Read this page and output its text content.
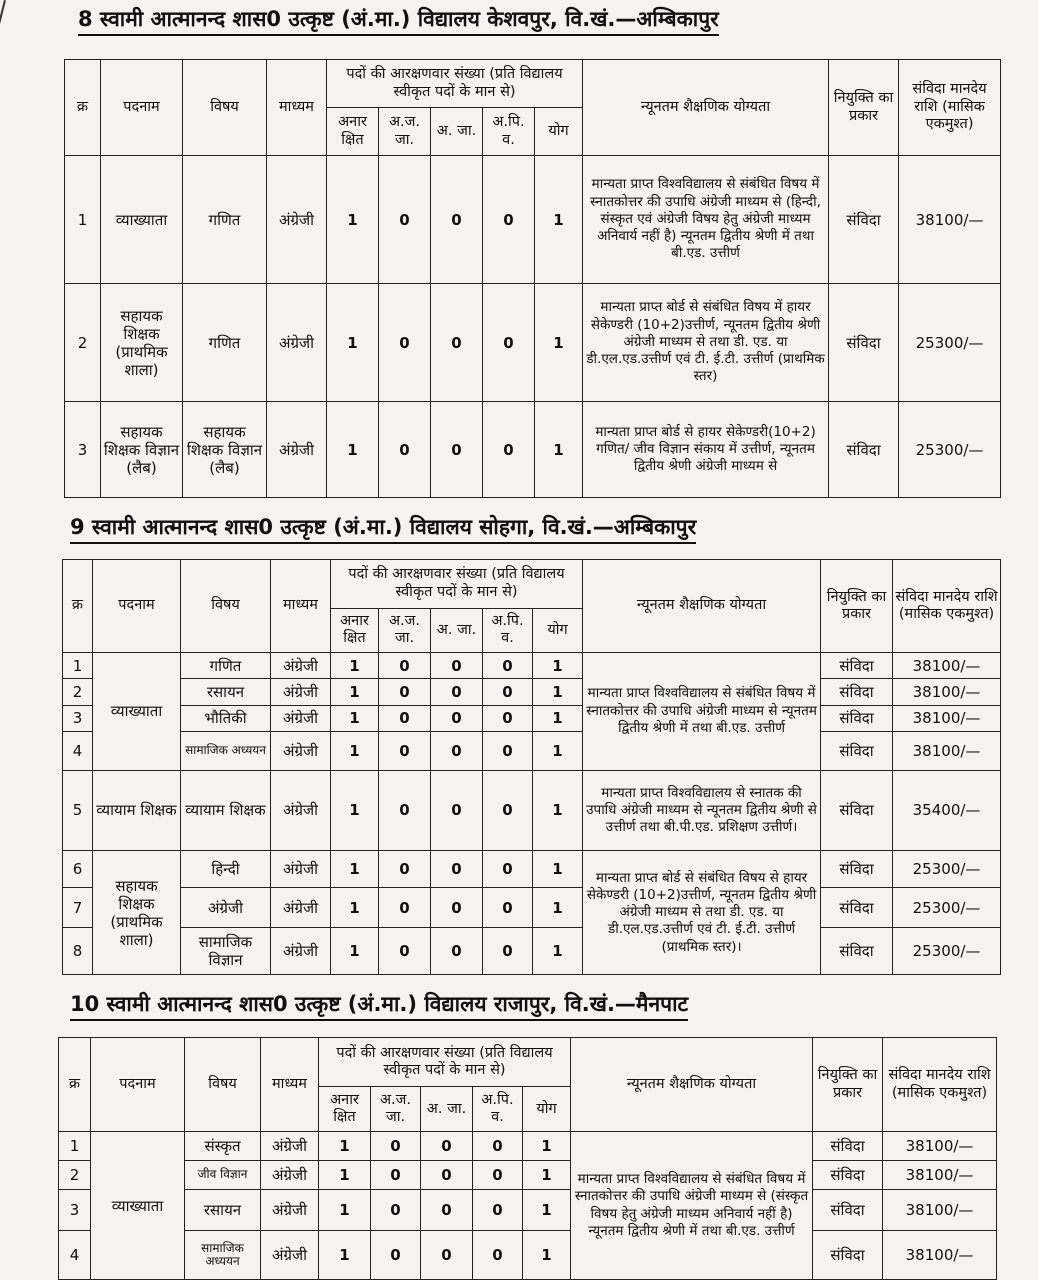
8 स्वामी आत्मानन्द शास0 उत्कृष्ट (अं.मा.) विद्यालय केशवपुर, वि.खं.—अम्बिकापुर
क्र	पदनाम	विषय	माध्यम	पदों की आरक्षणवार संख्या (प्रति विद्यालय स्वीकृत पदों के मान से)					न्यूनतम शैक्षणिक योग्यता	नियुक्ति का प्रकार	संविदा मानदेय राशि (मासिक एकमुश्त)
				अनार क्षित	अ.ज. जा.	अ. जा.	अ.पि. व.	योग			
1	व्याख्याता	गणित	अंग्रेजी	1	0	0	0	1	मान्यता प्राप्त विश्वविद्यालय से संबंधित विषय में स्नातकोत्तर की उपाधि अंग्रेजी माध्यम से (हिन्दी, संस्कृत एवं अंग्रेजी विषय हेतु अंग्रेजी माध्यम अनिवार्य नहीं है) न्यूनतम द्वितीय श्रेणी में तथा बी.एड. उत्तीर्ण	संविदा	38100/—
2	सहायक शिक्षक (प्राथमिक शाला)	गणित	अंग्रेजी	1	0	0	0	1	मान्यता प्राप्त बोर्ड से संबंधित विषय में हायर सेकेण्डरी (10+2)उत्तीर्ण, न्यूनतम द्वितीय श्रेणी अंग्रेजी माध्यम से तथा डी. एड. या डी.एल.एड.उत्तीर्ण एवं टी. ई.टी. उत्तीर्ण (प्राथमिक स्तर)	संविदा	25300/—
3	सहायक शिक्षक विज्ञान (लैब)	सहायक शिक्षक विज्ञान (लैब)	अंग्रेजी	1	0	0	0	1	मान्यता प्राप्त बोर्ड से हायर सेकेण्डरी(10+2) गणित/ जीव विज्ञान संकाय में उत्तीर्ण, न्यूनतम द्वितीय श्रेणी अंग्रेजी माध्यम से	संविदा	25300/—
9 स्वामी आत्मानन्द शास0 उत्कृष्ट (अं.मा.) विद्यालय सोहगा, वि.खं.—अम्बिकापुर
क्र	पदनाम	विषय	माध्यम	पदों की आरक्षणवार संख्या (प्रति विद्यालय स्वीकृत पदों के मान से)					न्यूनतम शैक्षणिक योग्यता	नियुक्ति का प्रकार	संविदा मानदेय राशि (मासिक एकमुश्त)
				अनार क्षित	अ.ज. जा.	अ. जा.	अ.पि. व.	योग			
1	व्याख्याता	गणित	अंग्रेजी	1	0	0	0	1	मान्यता प्राप्त विश्वविद्यालय से संबंधित विषय में स्नातकोत्तर की उपाधि अंग्रेजी माध्यम से न्यूनतम द्वितीय श्रेणी में तथा बी.एड. उत्तीर्ण	संविदा	38100/—
2		रसायन	अंग्रेजी	1	0	0	0	1		संविदा	38100/—
3		भौतिकी	अंग्रेजी	1	0	0	0	1		संविदा	38100/—
4		सामाजिक अध्ययन	अंग्रेजी	1	0	0	0	1		संविदा	38100/—
5	व्यायाम शिक्षक	व्यायाम शिक्षक	अंग्रेजी	1	0	0	0	1	मान्यता प्राप्त विश्वविद्यालय से स्नातक की उपाधि अंग्रेजी माध्यम से न्यूनतम द्वितीय श्रेणी से उत्तीर्ण तथा बी.पी.एड. प्रशिक्षण उत्तीर्ण।	संविदा	35400/—
6	सहायक शिक्षक (प्राथमिक शाला)	हिन्दी	अंग्रेजी	1	0	0	0	1	मान्यता प्राप्त बोर्ड से संबंधित विषय से हायर सेकेण्डरी (10+2)उत्तीर्ण, न्यूनतम द्वितीय श्रेणी अंग्रेजी माध्यम से तथा डी. एड. या डी.एल.एड.उत्तीर्ण एवं टी. ई.टी. उत्तीर्ण (प्राथमिक स्तर)।	संविदा	25300/—
7		अंग्रेजी	अंग्रेजी	1	0	0	0	1		संविदा	25300/—
8		सामाजिक विज्ञान	अंग्रेजी	1	0	0	0	1		संविदा	25300/—
10 स्वामी आत्मानन्द शास0 उत्कृष्ट (अं.मा.) विद्यालय राजापुर, वि.खं.—मैनपाट
क्र	पदनाम	विषय	माध्यम	पदों की आरक्षणवार संख्या (प्रति विद्यालय स्वीकृत पदों के मान से)					न्यूनतम शैक्षणिक योग्यता	नियुक्ति का प्रकार	संविदा मानदेय राशि (मासिक एकमुश्त)
				अनार क्षित	अ.ज. जा.	अ. जा.	अ.पि. व.	योग			
1	व्याख्याता	संस्कृत	अंग्रेजी	1	0	0	0	1	मान्यता प्राप्त विश्वविद्यालय से संबंधित विषय में स्नातकोत्तर की उपाधि अंग्रेजी माध्यम से (संस्कृत विषय हेतु अंग्रेजी माध्यम अनिवार्य नहीं है) न्यूनतम द्वितीय श्रेणी में तथा बी.एड. उत्तीर्ण	संविदा	38100/—
2		जीव विज्ञान	अंग्रेजी	1	0	0	0	1		संविदा	38100/—
3		रसायन	अंग्रेजी	1	0	0	0	1		संविदा	38100/—
4		सामाजिक अध्ययन	अंग्रेजी	1	0	0	0	1		संविदा	38100/—
